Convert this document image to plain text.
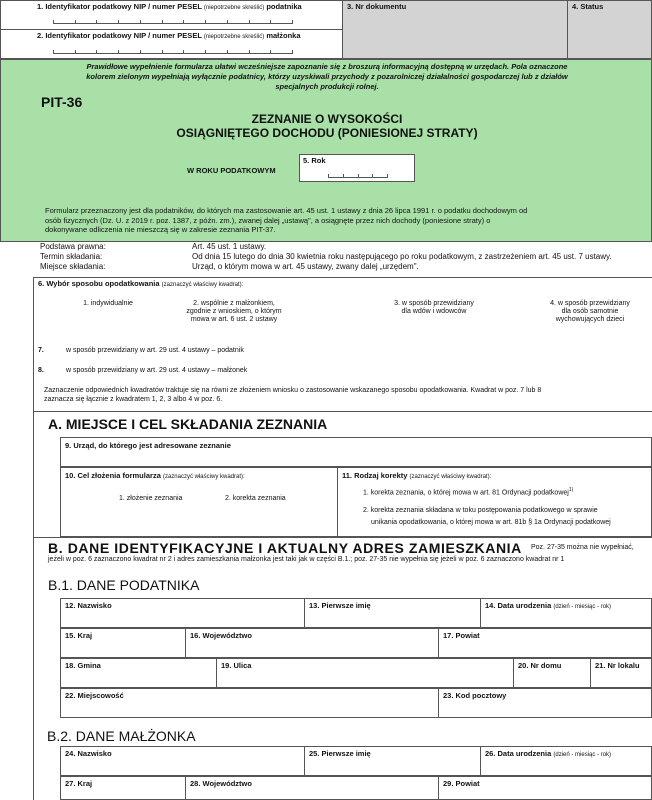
1. Identyfikator podatkowy NIP / numer PESEL (niepotrzebne skreślić) podatnika
2. Identyfikator podatkowy NIP / numer PESEL (niepotrzebne skreślić) małżonka
3. Nr dokumentu	4. Status
Prawidłowe wypełnienie formularza ułatwi wcześniejsze zapoznanie się z broszurą informacyjną dostępną w urzędach. Pola oznaczone
kolorem zielonym wypełniają wyłącznie podatnicy, którzy uzyskiwali przychody z pozarolniczej działalności gospodarczej lub z działów
specjalnych produkcji rolnej.
PIT-36
ZEZNANIE O WYSOKOŚCI
OSIĄGNIĘTEGO DOCHODU (PONIESIONEJ STRATY)
W ROKU PODATKOWYM
5. Rok
Formularz przeznaczony jest dla podatników, do których ma zastosowanie art. 45 ust. 1 ustawy z dnia 26 lipca 1991 r. o podatku dochodowym od
osób fizycznych (Dz. U. z 2019 r. poz. 1387, z późn. zm.), zwanej dalej „ustawą", a osiągnęte przez nich dochody (poniesione straty) o
dokonywane odliczenia nie mieszczą się w zakresie zeznania PIT-37.
Podstawa prawna:	Art. 45 ust. 1 ustawy.
Termin składania:	Od dnia 15 lutego do dnia 30 kwietnia roku następującego po roku podatkowym, z zastrzeżeniem art. 45 ust. 7 ustawy.
Miejsce składania:	Urząd, o którym mowa w art. 45 ustawy, zwany dalej „urzędem".
6. Wybór sposobu opodatkowania (zaznaczyć właściwy kwadrat):
1. indywidualnie	2. wspólnie z małżonkiem,
zgodnie z wnioskiem, o którym
mowa w art. 6 ust. 2 ustawy
3. w sposób przewidziany
dla wdów i wdowców
4. w sposób przewidziany
dla osób samotnie
wychowujących dzieci
7.	w sposób przewidziany w art. 29 ust. 4 ustawy – podatnik
8.	w sposób przewidziany w art. 29 ust. 4 ustawy – małżonek
Zaznaczenie odpowiednich kwadratów traktuje się na równi ze złożeniem wniosku o zastosowanie wskazanego sposobu opodatkowania. Kwadrat w poz. 7 lub 8
zaznacza się łącznie z kwadratem 1, 2, 3 albo 4 w poz. 6.
A. MIEJSCE I CEL SKŁADANIA ZEZNANIA
9. Urząd, do którego jest adresowane zeznanie
10. Cel złożenia formularza (zaznaczyć właściwy kwadrat):
1. złożenie zeznania	2. korekta zeznania
11. Rodzaj korekty (zaznaczyć właściwy kwadrat):
1. korekta zeznania, o której mowa w art. 81 Ordynacji podatkowej$^{1)}$
2. korekta zeznania składana w toku postępowania podatkowego w sprawie
unikania opodatkowania, o której mowa w art. 81b § 1a Ordynacji podatkowej
B. DANE IDENTYFIKACYJNE I AKTUALNY ADRES ZAMIESZKANIA Poz. 27-35 można nie wypełniać,
jeżeli w poz. 6 zaznaczono kwadrat nr 2 i adres zamieszkania małżonka jest taki jak w części B.1.; poz. 27-35 nie wypełnia się jeżeli w poz. 6 zaznaczono kwadrat nr 1
B.1. DANE PODATNIKA
12. Nazwisko	13. Pierwsze imię	14. Data urodzenia (dzień - miesiąc - rok)
15. Kraj	16. Województwo	17. Powiat
18. Gmina	19. Ulica	20. Nr domu	21. Nr lokalu
22. Miejscowość	23. Kod pocztowy
B.2. DANE MAŁŻONKA
24. Nazwisko	25. Pierwsze imię	26. Data urodzenia (dzień - miesiąc - rok)
27. Kraj	28. Województwo	29. Powiat
